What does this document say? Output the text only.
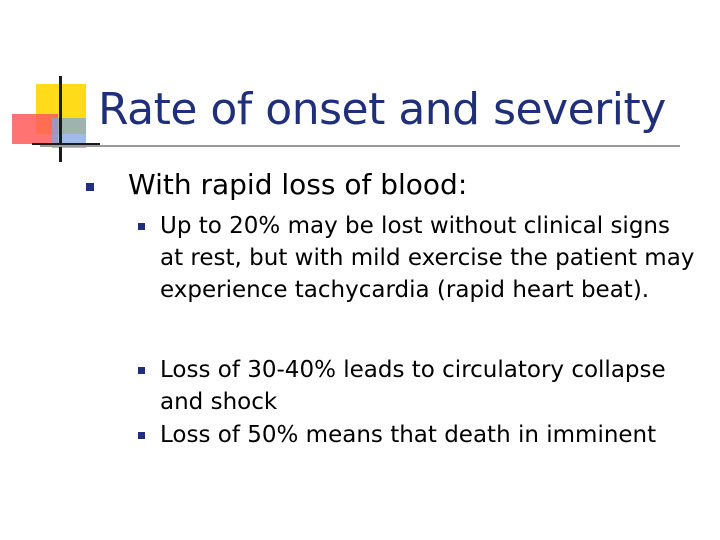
Rate of onset and severity

With rapid loss of blood:

Up to 20% may be lost without clinical signs at rest, but with mild exercise the patient may experience tachycardia (rapid heart beat).

Loss of 30-40% leads to circulatory collapse and shock

Loss of 50% means that death in imminent
